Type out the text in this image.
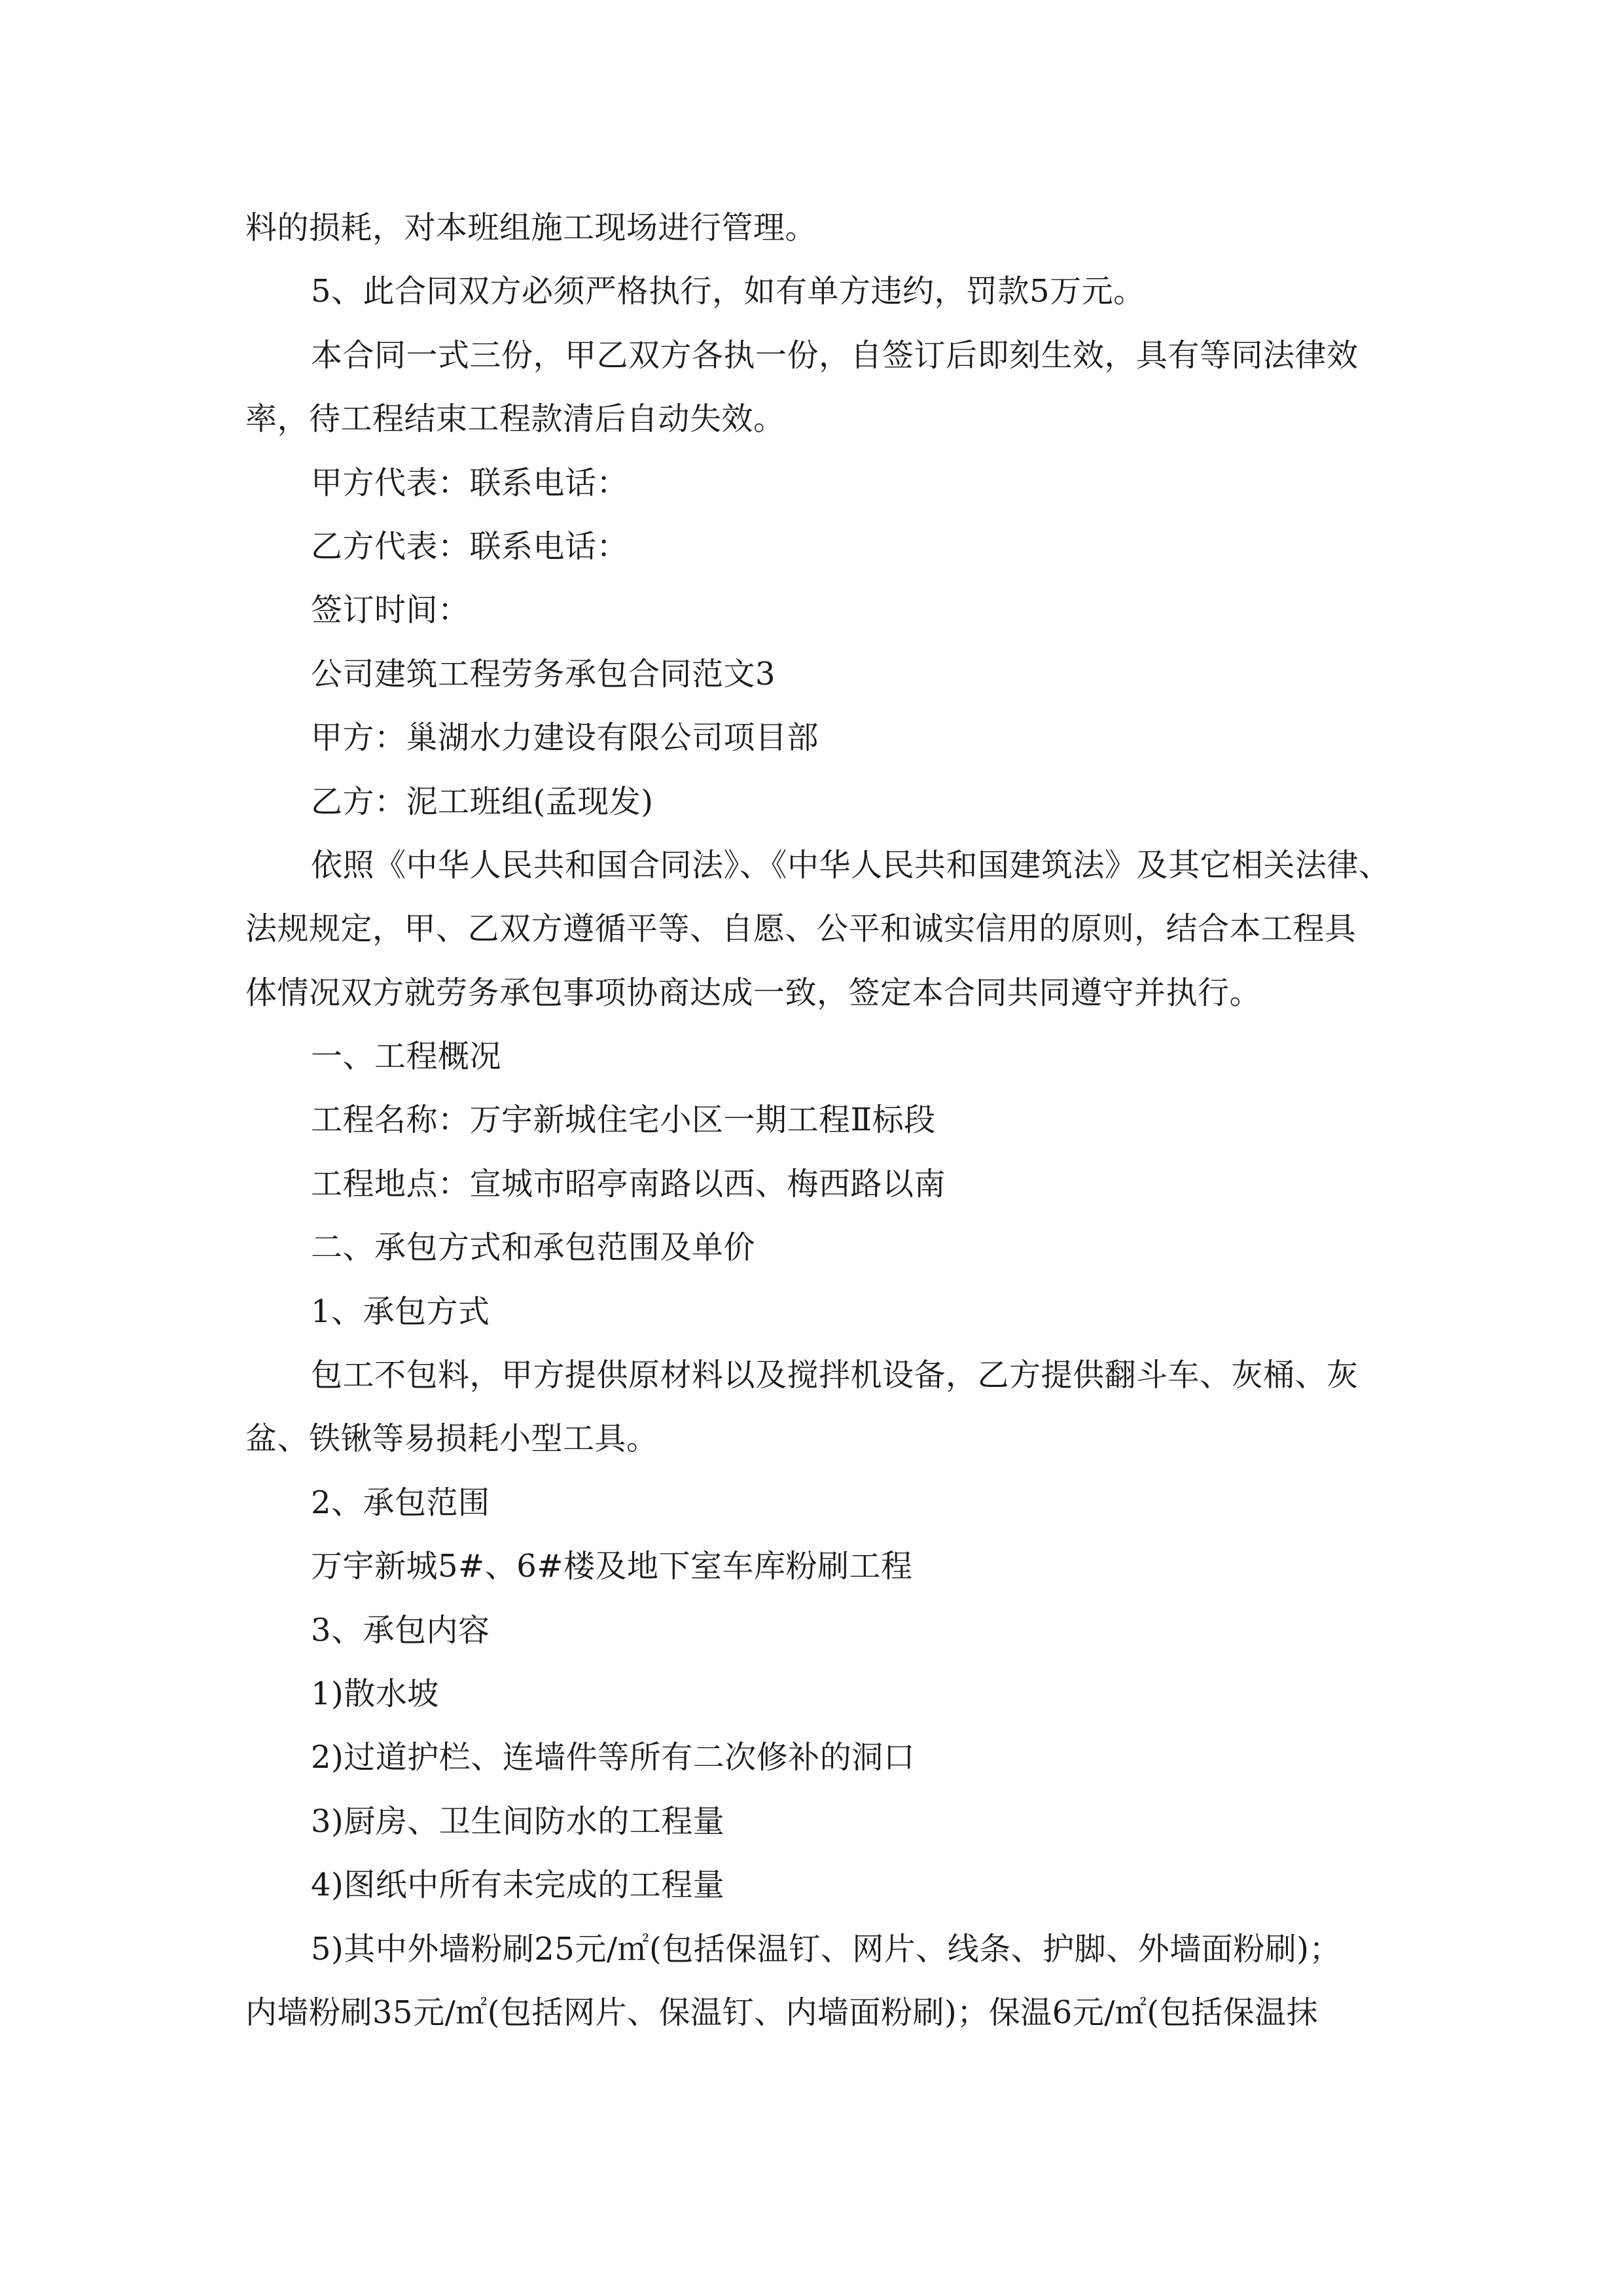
料的损耗，对本班组施工现场进行管理。
5、此合同双方必须严格执行，如有单方违约，罚款5万元。
本合同一式三份，甲乙双方各执一份，自签订后即刻生效，具有等同法律效
率，待工程结束工程款清后自动失效。
甲方代表：联系电话：
乙方代表：联系电话：
签订时间：
公司建筑工程劳务承包合同范文3
甲方：巢湖水力建设有限公司项目部
乙方：泥工班组(孟现发)
依照《中华人民共和国合同法》、《中华人民共和国建筑法》及其它相关法律、
法规规定，甲、乙双方遵循平等、自愿、公平和诚实信用的原则，结合本工程具
体情况双方就劳务承包事项协商达成一致，签定本合同共同遵守并执行。
一、工程概况
工程名称：万宇新城住宅小区一期工程Ⅱ标段
工程地点：宣城市昭亭南路以西、梅西路以南
二、承包方式和承包范围及单价
1、承包方式
包工不包料，甲方提供原材料以及搅拌机设备，乙方提供翻斗车、灰桶、灰
盆、铁锹等易损耗小型工具。
2、承包范围
万宇新城5#、6#楼及地下室车库粉刷工程
3、承包内容
1)散水坡
2)过道护栏、连墙件等所有二次修补的洞口
3)厨房、卫生间防水的工程量
4)图纸中所有未完成的工程量
5)其中外墙粉刷25元/㎡(包括保温钉、网片、线条、护脚、外墙面粉刷)；
内墙粉刷35元/㎡(包括网片、保温钉、内墙面粉刷)；保温6元/㎡(包括保温抹
